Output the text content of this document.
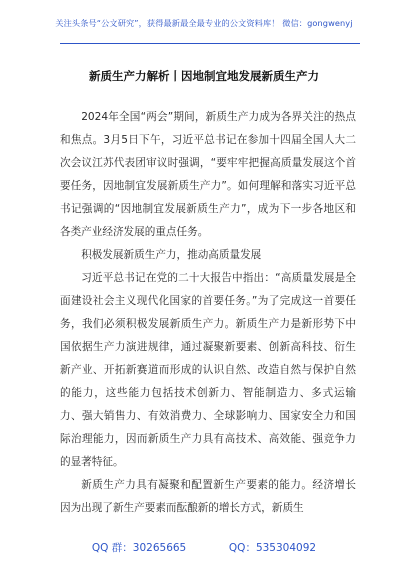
关注头条号“公文研究”，获得最新最全最专业的公文资料库！ 微信：gongwenyj
新质生产力解析丨因地制宜地发展新质生产力

2024年全国“两会”期间，新质生产力成为各界关注的热点和焦点。3月5日下午，习近平总书记在参加十四届全国人大二次会议江苏代表团审议时强调，“要牢牢把握高质量发展这个首要任务，因地制宜发展新质生产力”。如何理解和落实习近平总书记强调的“因地制宜发展新质生产力”，成为下一步各地区和各类产业经济发展的重点任务。

积极发展新质生产力，推动高质量发展

习近平总书记在党的二十大报告中指出：“高质量发展是全面建设社会主义现代化国家的首要任务。”为了完成这一首要任务，我们必须积极发展新质生产力。新质生产力是新形势下中国依据生产力演进规律，通过凝聚新要素、创新高科技、衍生新产业、开拓新赛道而形成的认识自然、改造自然与保护自然的能力，这些能力包括技术创新力、智能制造力、多式运输力、强大销售力、有效消费力、全球影响力、国家安全力和国际治理能力，因而新质生产力具有高技术、高效能、强竞争力的显著特征。

新质生产力具有凝聚和配置新生产要素的能力。经济增长因为出现了新生产要素而酝酿新的增长方式，新质生

QQ 群：30265665	QQ：535304092
